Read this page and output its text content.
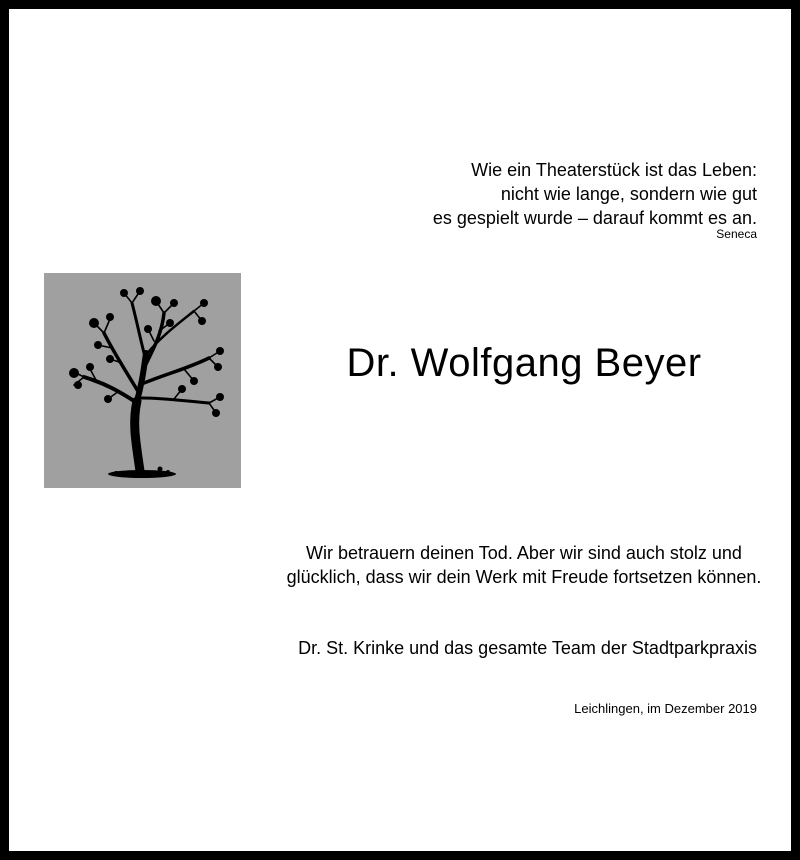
Wie ein Theaterstück ist das Leben:
nicht wie lange, sondern wie gut
es gespielt wurde – darauf kommt es an.
Seneca
Dr. Wolfgang Beyer
Wir betrauern deinen Tod. Aber wir sind auch stolz und
glücklich, dass wir dein Werk mit Freude fortsetzen können.
Dr. St. Krinke und das gesamte Team der Stadtparkpraxis
Leichlingen, im Dezember 2019
